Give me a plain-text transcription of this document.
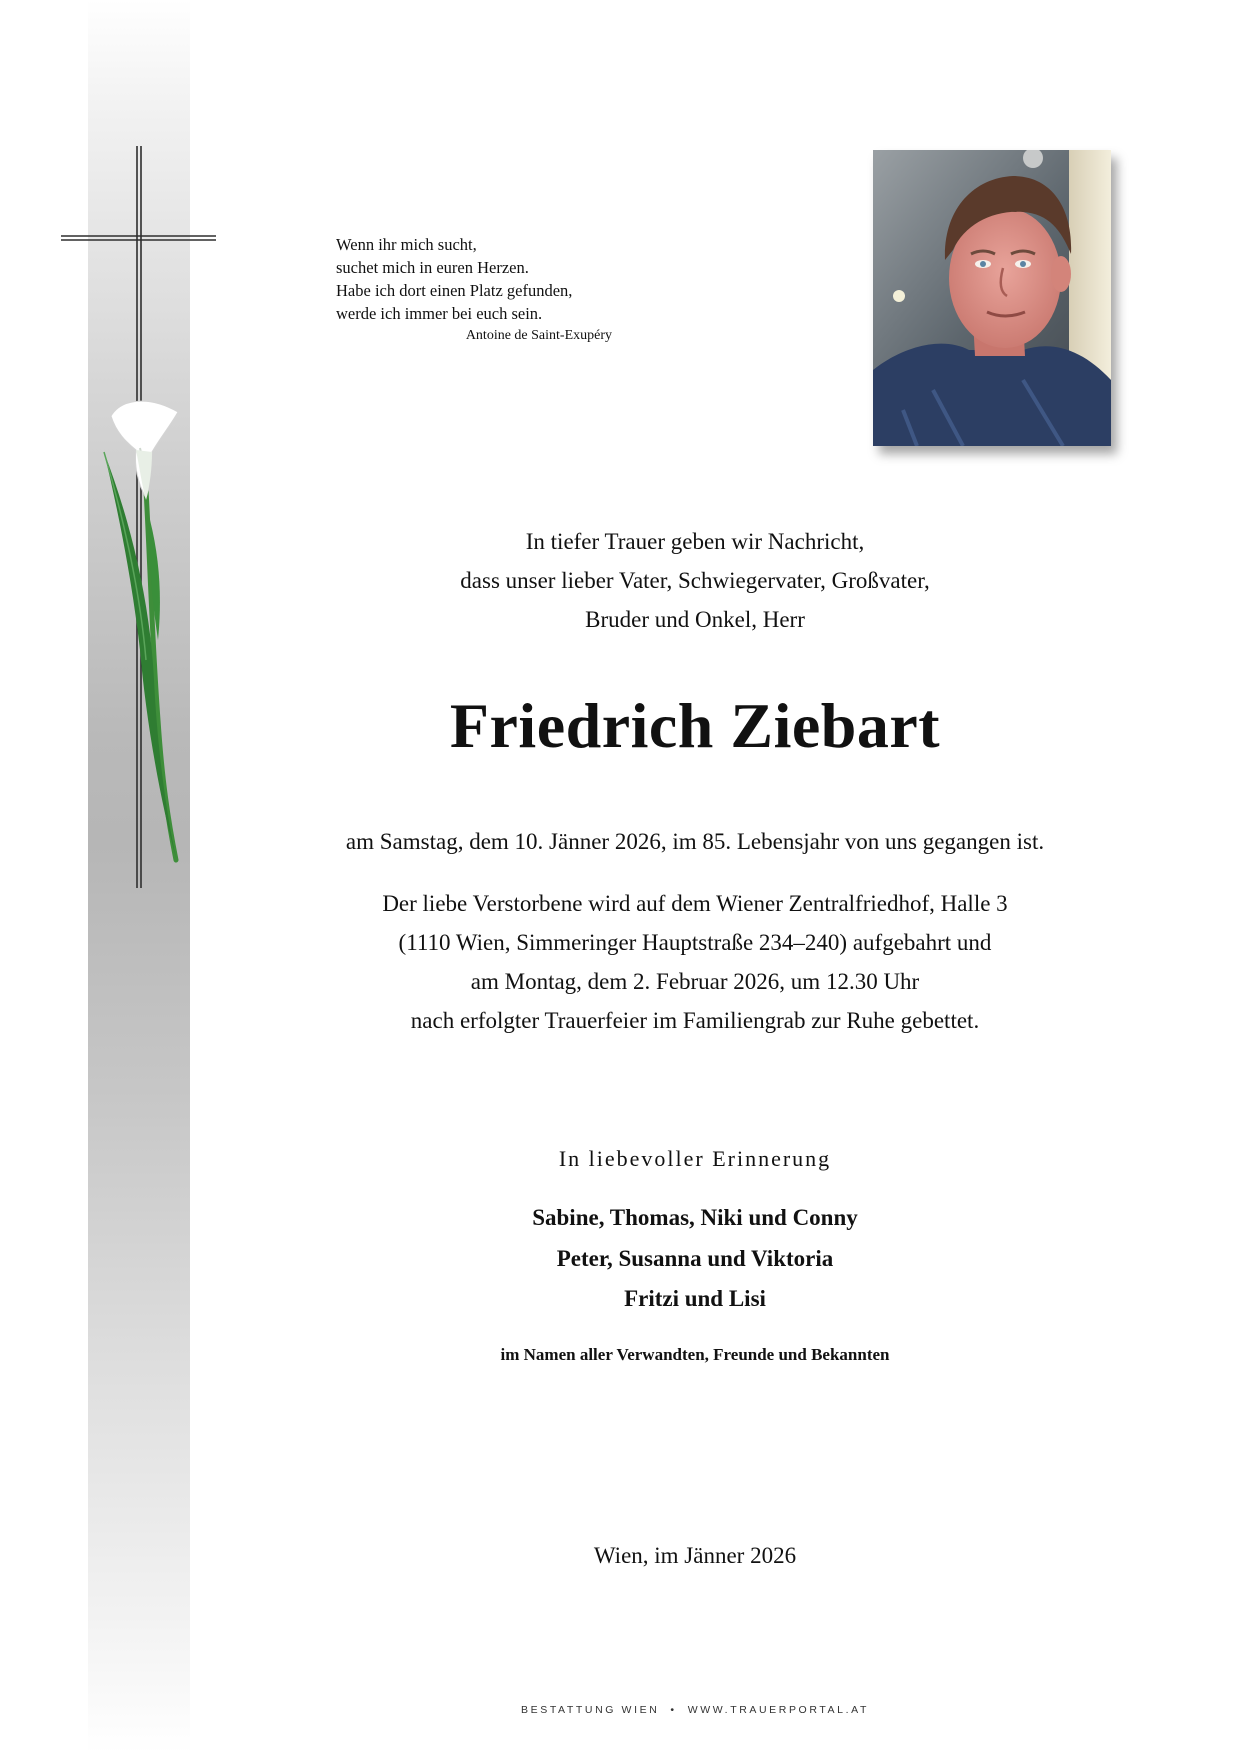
Wenn ihr mich sucht,
suchet mich in euren Herzen.
Habe ich dort einen Platz gefunden,
werde ich immer bei euch sein.
Antoine de Saint-Exupéry
In tiefer Trauer geben wir Nachricht,
dass unser lieber Vater, Schwiegervater, Großvater,
Bruder und Onkel, Herr
Friedrich Ziebart
am Samstag, dem 10. Jänner 2026, im 85. Lebensjahr von uns gegangen ist.
Der liebe Verstorbene wird auf dem Wiener Zentralfriedhof, Halle 3
(1110 Wien, Simmeringer Hauptstraße 234–240) aufgebahrt und
am Montag, dem 2. Februar 2026, um 12.30 Uhr
nach erfolgter Trauerfeier im Familiengrab zur Ruhe gebettet.
In liebevoller Erinnerung
Sabine, Thomas, Niki und Conny
Peter, Susanna und Viktoria
Fritzi und Lisi
im Namen aller Verwandten, Freunde und Bekannten
Wien, im Jänner 2026
BESTATTUNG WIEN  •  WWW.TRAUERPORTAL.AT
